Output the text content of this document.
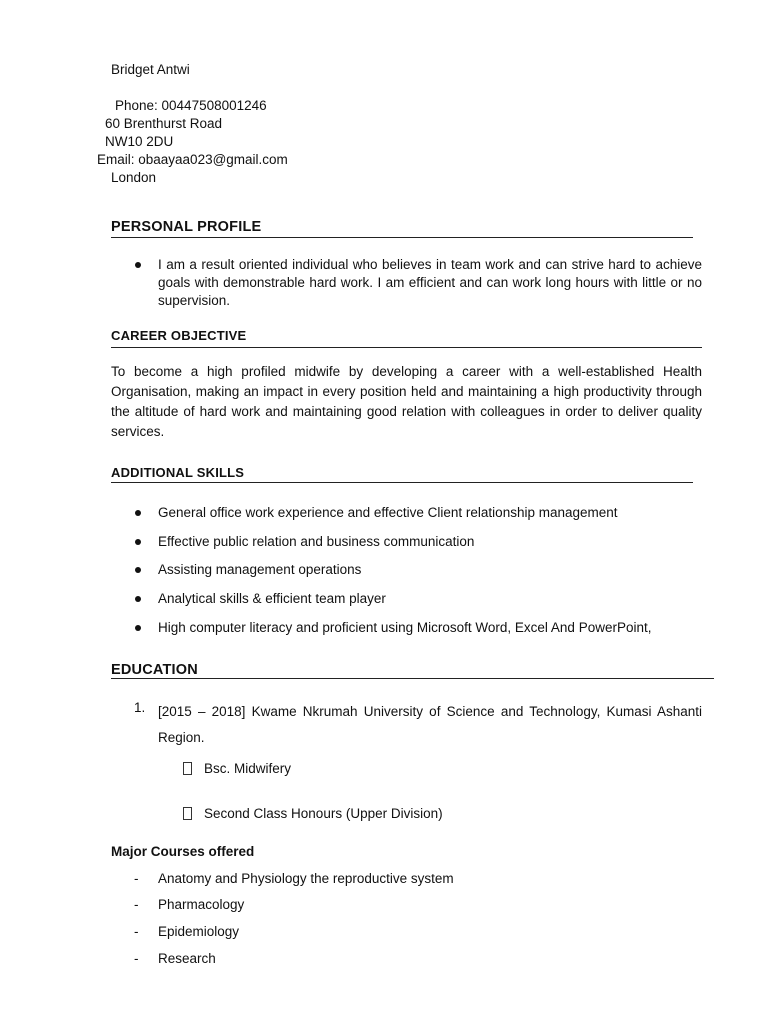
Bridget Antwi
Phone: 00447508001246
60 Brenthurst Road
NW10 2DU
Email: obaayaa023@gmail.com
London
PERSONAL PROFILE
I am a result oriented individual who believes in team work and can strive hard to achieve goals with demonstrable hard work. I am efficient and can work long hours with little or no supervision.
CAREER OBJECTIVE
To become a high profiled midwife by developing a career with a well-established Health Organisation, making an impact in every position held and maintaining a high productivity through the altitude of hard work and maintaining good relation with colleagues in order to deliver quality services.
ADDITIONAL SKILLS
General office work experience and effective Client relationship management
Effective public relation and business communication
Assisting management operations
Analytical skills & efficient team player
High computer literacy and proficient using Microsoft Word, Excel And PowerPoint,
EDUCATION
1. [2015 – 2018] Kwame Nkrumah University of Science and Technology, Kumasi Ashanti Region.
Bsc. Midwifery
Second Class Honours (Upper Division)
Major Courses offered
- Anatomy and Physiology the reproductive system
- Pharmacology
- Epidemiology
- Research
